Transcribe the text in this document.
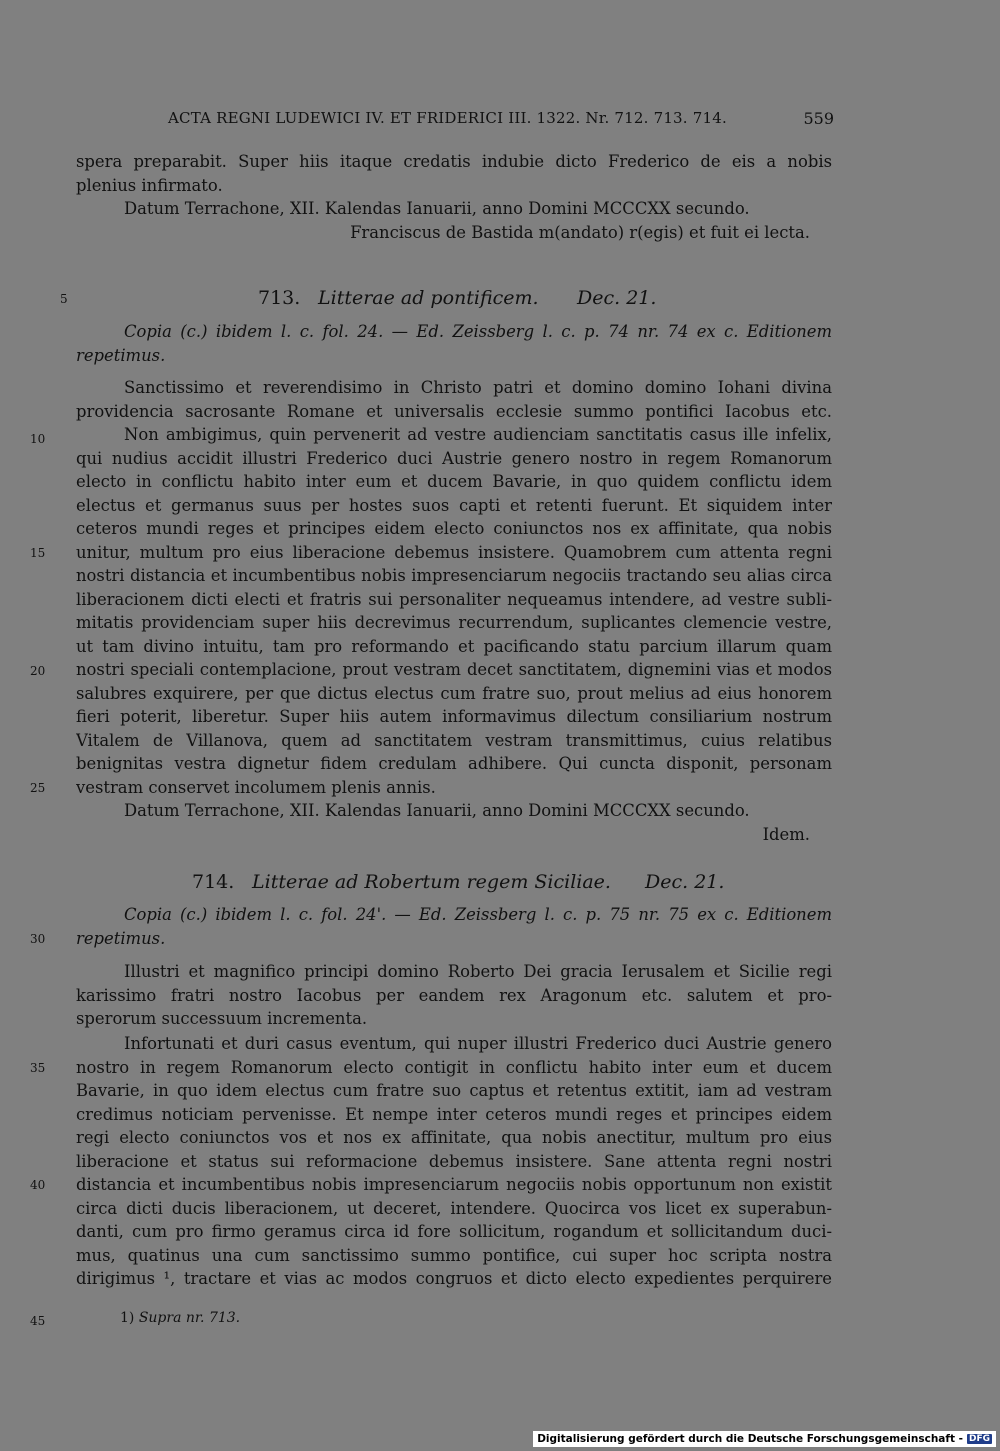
ACTA REGNI LUDEWICI IV. ET FRIDERICI III. 1322. Nr. 712. 713. 714.	559
spera preparabit. Super hiis itaque credatis indubie dicto Frederico de eis a nobis
plenius infirmato.
Datum Terrachone, XII. Kalendas Ianuarii, anno Domini MCCCXX secundo.
Franciscus de Bastida m(andato) r(egis) et fuit ei lecta.
713. Litterae ad pontificem. Dec. 21.
Copia (c.) ibidem l. c. fol. 24. — Ed. Zeissberg l. c. p. 74 nr. 74 ex c. Editionem
repetimus.
Sanctissimo et reverendisimo in Christo patri et domino domino Iohani divina
providencia sacrosante Romane et universalis ecclesie summo pontifici Iacobus etc.
Non ambigimus, quin pervenerit ad vestre audienciam sanctitatis casus ille infelix,
qui nudius accidit illustri Frederico duci Austrie genero nostro in regem Romanorum
electo in conflictu habito inter eum et ducem Bavarie, in quo quidem conflictu idem
electus et germanus suus per hostes suos capti et retenti fuerunt. Et siquidem inter
ceteros mundi reges et principes eidem electo coniunctos nos ex affinitate, qua nobis
unitur, multum pro eius liberacione debemus insistere. Quamobrem cum attenta regni
nostri distancia et incumbentibus nobis impresenciarum negociis tractando seu alias circa
liberacionem dicti electi et fratris sui personaliter nequeamus intendere, ad vestre subli-
mitatis providenciam super hiis decrevimus recurrendum, suplicantes clemencie vestre,
ut tam divino intuitu, tam pro reformando et pacificando statu parcium illarum quam
nostri speciali contemplacione, prout vestram decet sanctitatem, dignemini vias et modos
salubres exquirere, per que dictus electus cum fratre suo, prout melius ad eius honorem
fieri poterit, liberetur. Super hiis autem informavimus dilectum consiliarium nostrum
Vitalem de Villanova, quem ad sanctitatem vestram transmittimus, cuius relatibus
benignitas vestra dignetur fidem credulam adhibere. Qui cuncta disponit, personam
vestram conservet incolumem plenis annis.
Datum Terrachone, XII. Kalendas Ianuarii, anno Domini MCCCXX secundo.
Idem.
714. Litterae ad Robertum regem Siciliae. Dec. 21.
Copia (c.) ibidem l. c. fol. 24'. — Ed. Zeissberg l. c. p. 75 nr. 75 ex c. Editionem
repetimus.
Illustri et magnifico principi domino Roberto Dei gracia Ierusalem et Sicilie regi
karissimo fratri nostro Iacobus per eandem rex Aragonum etc. salutem et pro-
sperorum successuum incrementa.
Infortunati et duri casus eventum, qui nuper illustri Frederico duci Austrie genero
nostro in regem Romanorum electo contigit in conflictu habito inter eum et ducem
Bavarie, in quo idem electus cum fratre suo captus et retentus extitit, iam ad vestram
credimus noticiam pervenisse. Et nempe inter ceteros mundi reges et principes eidem
regi electo coniunctos vos et nos ex affinitate, qua nobis anectitur, multum pro eius
liberacione et status sui reformacione debemus insistere. Sane attenta regni nostri
distancia et incumbentibus nobis impresenciarum negociis nobis opportunum non existit
circa dicti ducis liberacionem, ut deceret, intendere. Quocirca vos licet ex superabun-
danti, cum pro firmo geramus circa id fore sollicitum, rogandum et sollicitandum duci-
mus, quatinus una cum sanctissimo summo pontifice, cui super hoc scripta nostra
dirigimus ¹, tractare et vias ac modos congruos et dicto electo expedientes perquirere
5
10
15
20
25
30
35
40
45	1) Supra nr. 713.
Digitalisierung gefördert durch die Deutsche Forschungsgemeinschaft - DFG
